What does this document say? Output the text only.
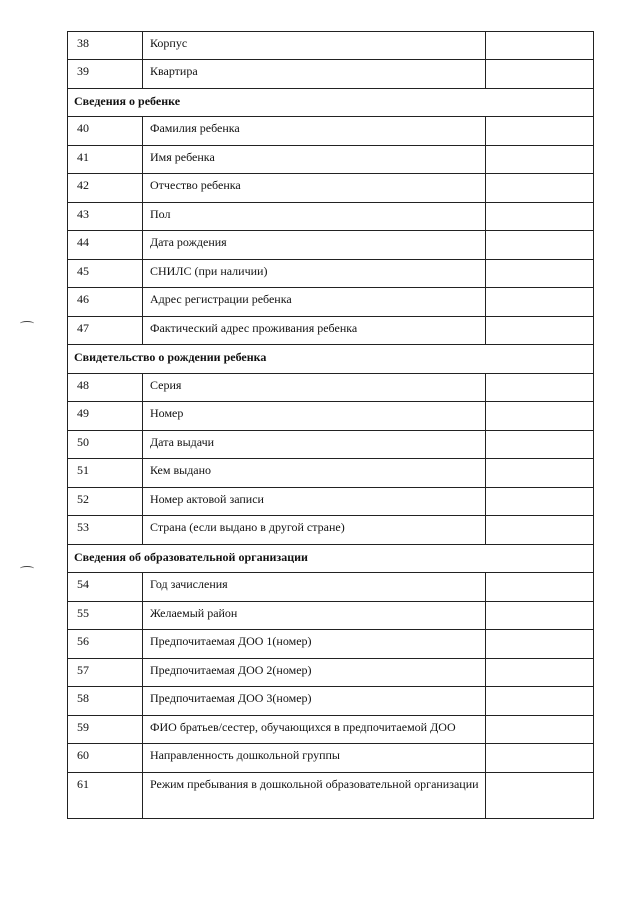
38	Корпус
39	Квартира
Сведения о ребенке
40	Фамилия ребенка
41	Имя ребенка
42	Отчество ребенка
43	Пол
44	Дата рождения
45	СНИЛС (при наличии)
46	Адрес регистрации ребенка
47	Фактический адрес проживания ребенка
Свидетельство о рождении ребенка
48	Серия
49	Номер
50	Дата выдачи
51	Кем выдано
52	Номер актовой записи
53	Страна (если выдано в другой стране)
Сведения об образовательной организации
54	Год зачисления
55	Желаемый район
56	Предпочитаемая ДОО 1(номер)
57	Предпочитаемая ДОО 2(номер)
58	Предпочитаемая ДОО 3(номер)
59	ФИО братьев/сестер, обучающихся в предпочитаемой ДОО
60	Направленность дошкольной группы
61	Режим пребывания в дошкольной образовательной организации
